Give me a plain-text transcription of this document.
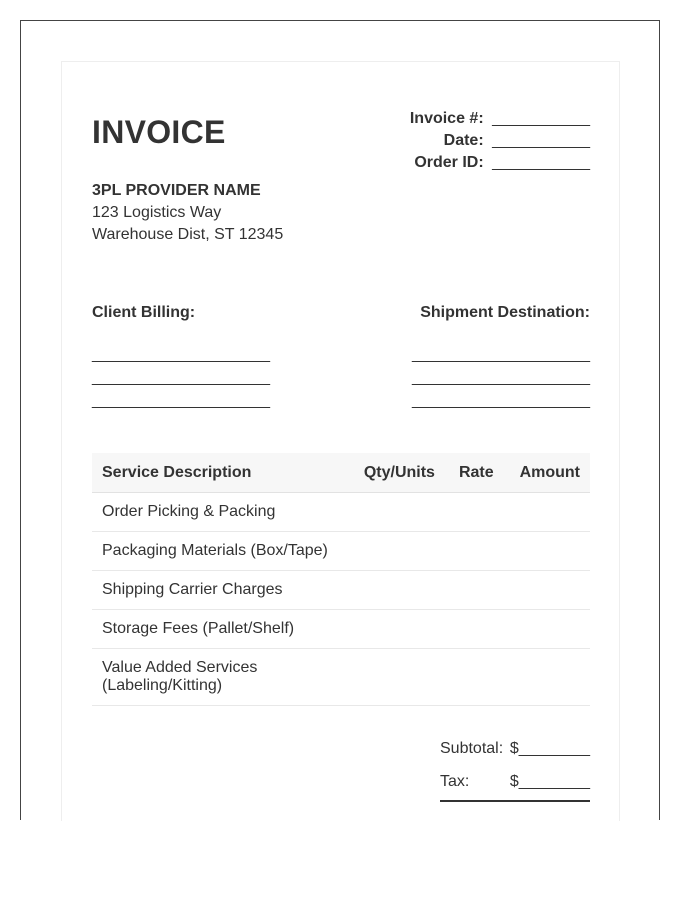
INVOICE	Invoice #: ___________
Date: ___________
Order ID: ___________
3PL PROVIDER NAME
123 Logistics Way
Warehouse Dist, ST 12345
Client Billing:
____________________
____________________
____________________
Shipment Destination:
____________________
____________________
____________________
Service Description	Qty/Units	Rate	Amount
Order Picking & Packing			
Packaging Materials (Box/Tape)			
Shipping Carrier Charges			
Storage Fees (Pallet/Shelf)			
Value Added Services (Labeling/Kitting)			
Subtotal: $________
Tax:	$________
